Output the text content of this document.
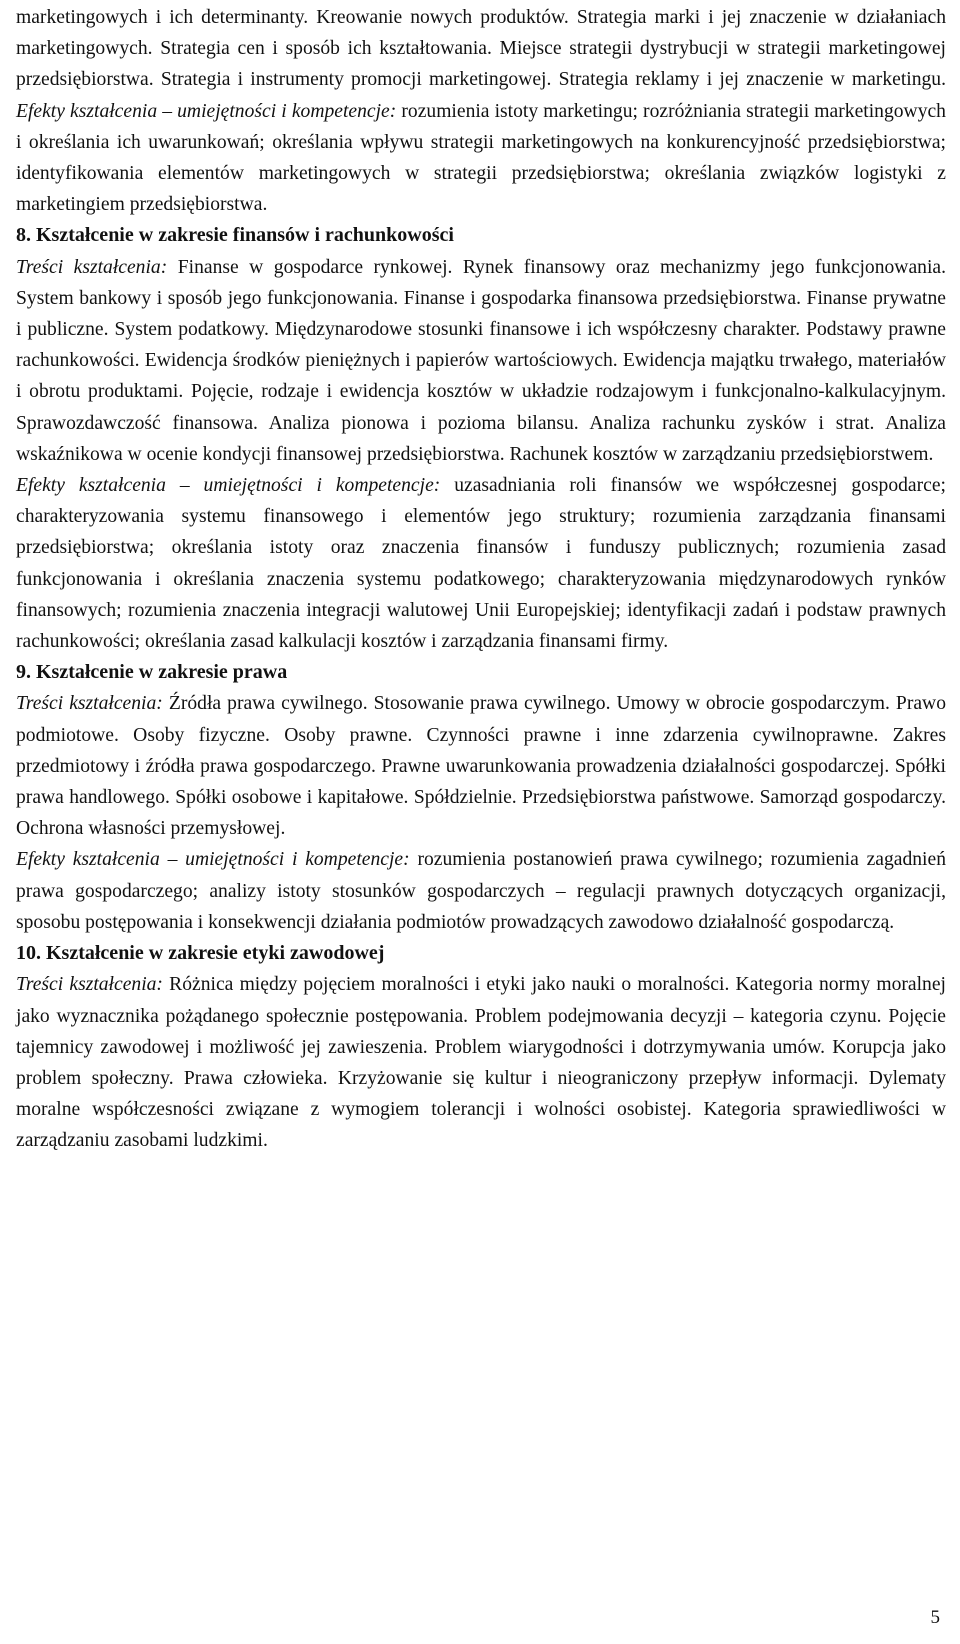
marketingowych i ich determinanty. Kreowanie nowych produktów. Strategia marki i jej znaczenie w działaniach marketingowych. Strategia cen i sposób ich kształtowania. Miejsce strategii dystrybucji w strategii marketingowej przedsiębiorstwa. Strategia i instrumenty promocji marketingowej. Strategia reklamy i jej znaczenie w marketingu. Efekty kształcenia – umiejętności i kompetencje: rozumienia istoty marketingu; rozróżniania strategii marketingowych i określania ich uwarunkowań; określania wpływu strategii marketingowych na konkurencyjność przedsiębiorstwa; identyfikowania elementów marketingowych w strategii przedsiębiorstwa; określania związków logistyki z marketingiem przedsiębiorstwa.

8. Kształcenie w zakresie finansów i rachunkowości

Treści kształcenia: Finanse w gospodarce rynkowej. Rynek finansowy oraz mechanizmy jego funkcjonowania. System bankowy i sposób jego funkcjonowania. Finanse i gospodarka finansowa przedsiębiorstwa. Finanse prywatne i publiczne. System podatkowy. Międzynarodowe stosunki finansowe i ich współczesny charakter. Podstawy prawne rachunkowości. Ewidencja środków pieniężnych i papierów wartościowych. Ewidencja majątku trwałego, materiałów i obrotu produktami. Pojęcie, rodzaje i ewidencja kosztów w układzie rodzajowym i funkcjonalno-kalkulacyjnym. Sprawozdawczość finansowa. Analiza pionowa i pozioma bilansu. Analiza rachunku zysków i strat. Analiza wskaźnikowa w ocenie kondycji finansowej przedsiębiorstwa. Rachunek kosztów w zarządzaniu przedsiębiorstwem.

Efekty kształcenia – umiejętności i kompetencje: uzasadniania roli finansów we współczesnej gospodarce; charakteryzowania systemu finansowego i elementów jego struktury; rozumienia zarządzania finansami przedsiębiorstwa; określania istoty oraz znaczenia finansów i funduszy publicznych; rozumienia zasad funkcjonowania i określania znaczenia systemu podatkowego; charakteryzowania międzynarodowych rynków finansowych; rozumienia znaczenia integracji walutowej Unii Europejskiej; identyfikacji zadań i podstaw prawnych rachunkowości; określania zasad kalkulacji kosztów i zarządzania finansami firmy.

9. Kształcenie w zakresie prawa

Treści kształcenia: Źródła prawa cywilnego. Stosowanie prawa cywilnego. Umowy w obrocie gospodarczym. Prawo podmiotowe. Osoby fizyczne. Osoby prawne. Czynności prawne i inne zdarzenia cywilnoprawne. Zakres przedmiotowy i źródła prawa gospodarczego. Prawne uwarunkowania prowadzenia działalności gospodarczej. Spółki prawa handlowego. Spółki osobowe i kapitałowe. Spółdzielnie. Przedsiębiorstwa państwowe. Samorząd gospodarczy. Ochrona własności przemysłowej.

Efekty kształcenia – umiejętności i kompetencje: rozumienia postanowień prawa cywilnego; rozumienia zagadnień prawa gospodarczego; analizy istoty stosunków gospodarczych – regulacji prawnych dotyczących organizacji, sposobu postępowania i konsekwencji działania podmiotów prowadzących zawodowo działalność gospodarczą.

10. Kształcenie w zakresie etyki zawodowej

Treści kształcenia: Różnica między pojęciem moralności i etyki jako nauki o moralności. Kategoria normy moralnej jako wyznacznika pożądanego społecznie postępowania. Problem podejmowania decyzji – kategoria czynu. Pojęcie tajemnicy zawodowej i możliwość jej zawieszenia. Problem wiarygodności i dotrzymywania umów. Korupcja jako problem społeczny. Prawa człowieka. Krzyżowanie się kultur i nieograniczony przepływ informacji. Dylematy moralne współczesności związane z wymogiem tolerancji i wolności osobistej. Kategoria sprawiedliwości w zarządzaniu zasobami ludzkimi.

5
